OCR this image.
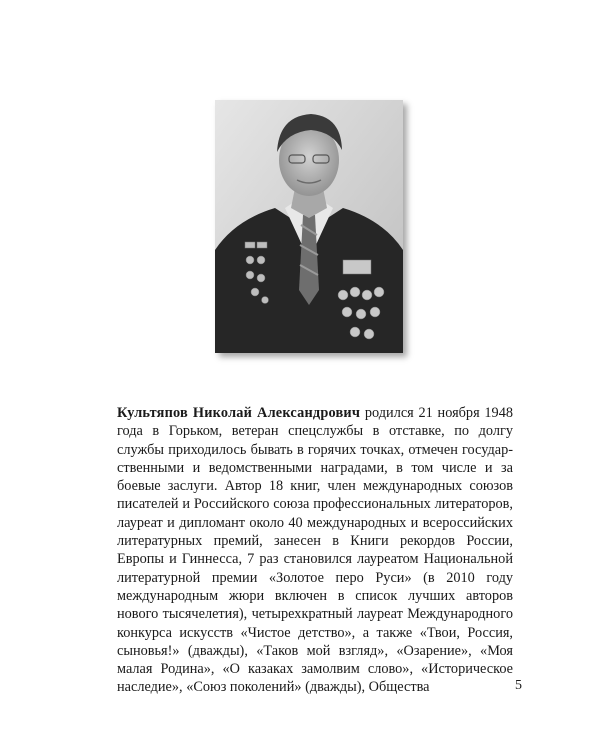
Культяпов Николай Александрович родился 21 ноября 1948 года в Горьком, ветеран спецслужбы в отставке, по долгу службы приходилось бывать в горячих точках, отмечен государственными и ведомственными наградами, в том числе и за боевые заслуги. Автор 18 книг, член международных союзов писателей и Российского союза профессиональных литераторов, лауреат и дипломант около 40 международных и всероссийских литературных премий, занесен в Книги рекордов России, Европы и Гиннесса, 7 раз становился лауреатом Национальной литературной премии «Золотое перо Руси» (в 2010 году международным жюри включен в список лучших авторов нового тысячелетия), четырехкратный лауреат Международного конкурса искусств «Чистое детство», а также «Твои, Россия, сыновья!» (дважды), «Таков мой взгляд», «Озарение», «Моя малая Родина», «О казаках замолвим слово», «Историческое наследие», «Союз поколений» (дважды), Общества	5
